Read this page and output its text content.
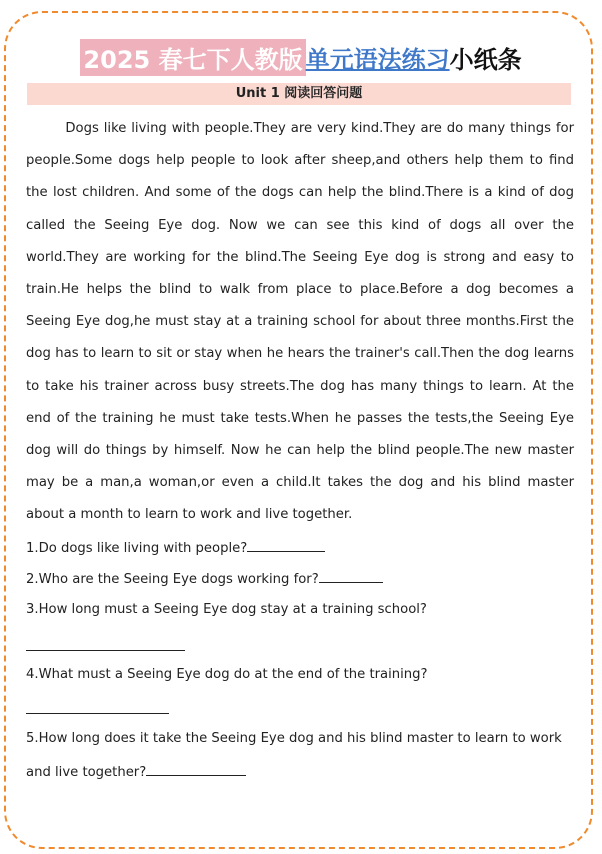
2025 春七下人教版 单元语法练习 小纸条
Unit 1 阅读回答问题

Dogs like living with people.They are very kind.They are do many things for people.Some dogs help people to look after sheep,and others help them to find the lost children. And some of the dogs can help the blind.There is a kind of dog called the Seeing Eye dog. Now we can see this kind of dogs all over the world.They are working for the blind.The Seeing Eye dog is strong and easy to train.He helps the blind to walk from place to place.Before a dog becomes a Seeing Eye dog,he must stay at a training school for about three months.First the dog has to learn to sit or stay when he hears the trainer's call.Then the dog learns to take his trainer across busy streets.The dog has many things to learn. At the end of the training he must take tests.When he passes the tests,the Seeing Eye dog will do things by himself. Now he can help the blind people.The new master may be a man,a woman,or even a child.It takes the dog and his blind master about a month to learn to work and live together.

1.Do dogs like living with people?
2.Who are the Seeing Eye dogs working for?
3.How long must a Seeing Eye dog stay at a training school?
4.What must a Seeing Eye dog do at the end of the training?
5.How long does it take the Seeing Eye dog and his blind master to learn to work
and live together?
